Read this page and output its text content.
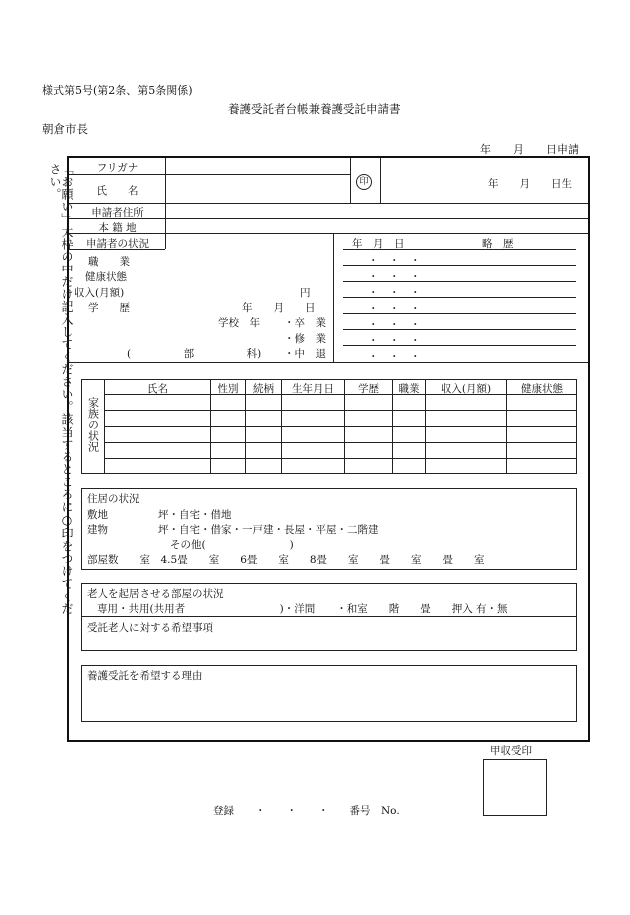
様式第5号(第2条、第5条関係)
養護受託者台帳兼養護受託申請書
朝倉市長
年　　月　　日申請
「お願い」太枠の中だけ記入してください。該当するところに○印をつけてください。	フリガナ
氏　　名
印	年　　月　　日生
申請者住所
本 籍 地
申請者の状況
職　　業
健康状態
収入(月額)	円
学　　歴	年　　月　　日
学校　年 ・卒　業
・修　業
(　　　　　部　　　　　科) ・中　退
年　月　日	略　歴
・　・　・
・　・　・
・　・　・
・　・　・
・　・　・
・　・　・
・　・　・
家族の状況
氏名	性別	続柄	生年月日	学歴	職業	収入(月額)	健康状態
住居の状況
敷地	坪・自宅・借地
建物	坪・自宅・借家・一戸建・長屋・平屋・二階建
その他(　　　　　　　　)
部屋数　　室　4.5畳　　室　　6畳　　室　　8畳　　室　　畳　　室　　畳　　室
老人を起居させる部屋の状況
専用・共用(共用者　　　　　　　　　)・洋間　　・和室　　階　　畳　　押入 有・無
受託老人に対する希望事項
養護受託を希望する理由
甲収受印
登録　　・　　・　　・　　番号　No.
